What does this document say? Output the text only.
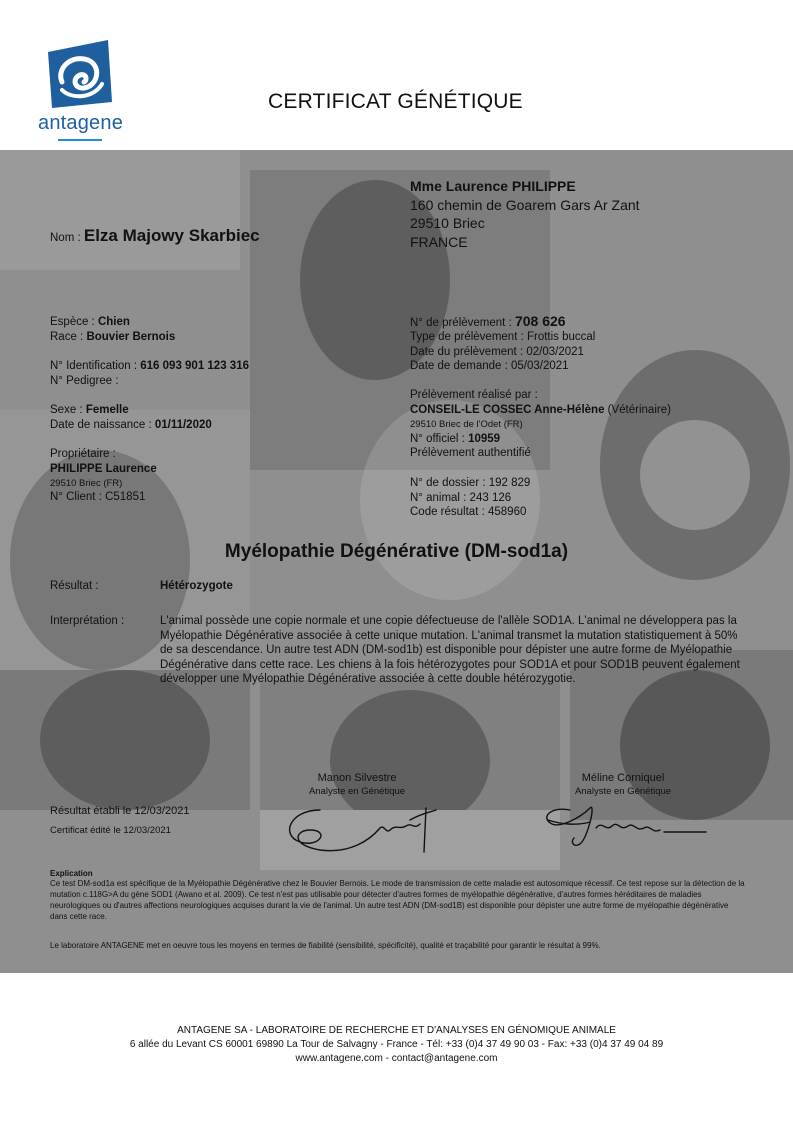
antagene
CERTIFICAT GÉNÉTIQUE
Mme Laurence PHILIPPE
160 chemin de Goarem Gars Ar Zant
29510 Briec
FRANCE
Nom : Elza Majowy Skarbiec
Espèce : Chien
Race : Bouvier Bernois
N° Identification : 616 093 901 123 316
N° Pedigree :
Sexe : Femelle
Date de naissance : 01/11/2020
Propriétaire :
PHILIPPE Laurence
29510 Briec (FR)
N° Client : C51851
N° de prélèvement : 708 626
Type de prélèvement : Frottis buccal
Date du prélèvement : 02/03/2021
Date de demande : 05/03/2021
Prélèvement réalisé par :
CONSEIL-LE COSSEC Anne-Hélène (Vétérinaire)
29510 Briec de l'Odet (FR)
N° officiel : 10959
Prélèvement authentifié
N° de dossier : 192 829
N° animal : 243 126
Code résultat : 458960
Myélopathie Dégénérative (DM-sod1a)
Résultat :	Hétérozygote
Interprétation :	L'animal possède une copie normale et une copie défectueuse de l'allèle SOD1A. L'animal ne développera pas la Myélopathie Dégénérative associée à cette unique mutation. L'animal transmet la mutation statistiquement à 50% de sa descendance. Un autre test ADN (DM-sod1b) est disponible pour dépister une autre forme de Myélopathie Dégénérative dans cette race. Les chiens à la fois hétérozygotes pour SOD1A et pour SOD1B peuvent également développer une Myélopathie Dégénérative associée à cette double hétérozygotie.
Manon Silvestre
Analyste en Génétique
Méline Corniquel
Analyste en Génétique
Résultat établi le 12/03/2021
Certificat édité le 12/03/2021
Explication
Ce test DM-sod1a est spécifique de la Myélopathie Dégénérative chez le Bouvier Bernois. Le mode de transmission de cette maladie est autosomique récessif. Ce test repose sur la détection de la mutation c.118G>A du gène SOD1 (Awano et al. 2009). Ce test n'est pas utilisable pour détecter d'autres formes de myélopathie dégénérative, d'autres formes héréditaires de maladies neurologiques ou d'autres affections neurologiques acquises durant la vie de l'animal. Un autre test ADN (DM-sod1B) est disponible pour dépister une autre forme de myélopathie dégénérative dans cette race.
Le laboratoire ANTAGENE met en oeuvre tous les moyens en termes de fiabilité (sensibilité, spécificité), qualité et traçabilité pour garantir le résultat à 99%.
ANTAGENE SA - LABORATOIRE DE RECHERCHE ET D'ANALYSES EN GÉNOMIQUE ANIMALE
6 allée du Levant CS 60001 69890 La Tour de Salvagny - France - Tél: +33 (0)4 37 49 90 03 - Fax: +33 (0)4 37 49 04 89
www.antagene.com - contact@antagene.com
